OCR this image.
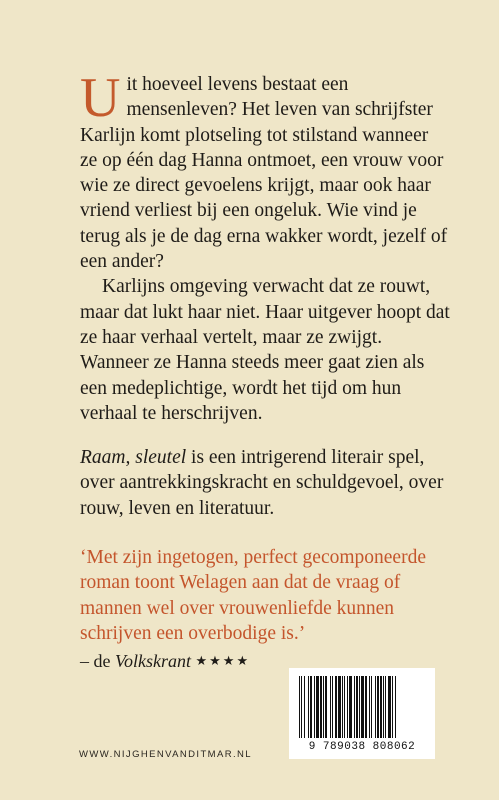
Uit hoeveel levens bestaat een mensenleven? Het leven van schrijfster Karlijn komt plotseling tot stilstand wanneer ze op één dag Hanna ontmoet, een vrouw voor wie ze direct gevoelens krijgt, maar ook haar vriend verliest bij een ongeluk. Wie vind je terug als je de dag erna wakker wordt, jezelf of een ander?

Karlijns omgeving verwacht dat ze rouwt, maar dat lukt haar niet. Haar uitgever hoopt dat ze haar verhaal vertelt, maar ze zwijgt. Wanneer ze Hanna steeds meer gaat zien als een medeplichtige, wordt het tijd om hun verhaal te herschrijven.

Raam, sleutel is een intrigerend literair spel, over aantrekkingskracht en schuldgevoel, over rouw, leven en literatuur.

‘Met zijn ingetogen, perfect gecomponeerde roman toont Welagen aan dat de vraag of mannen wel over vrouwenliefde kunnen schrijven een overbodige is.’

– de Volkskrant ★★★★

WWW.NIJGHENVANDITMAR.NL
9 789038 808062
